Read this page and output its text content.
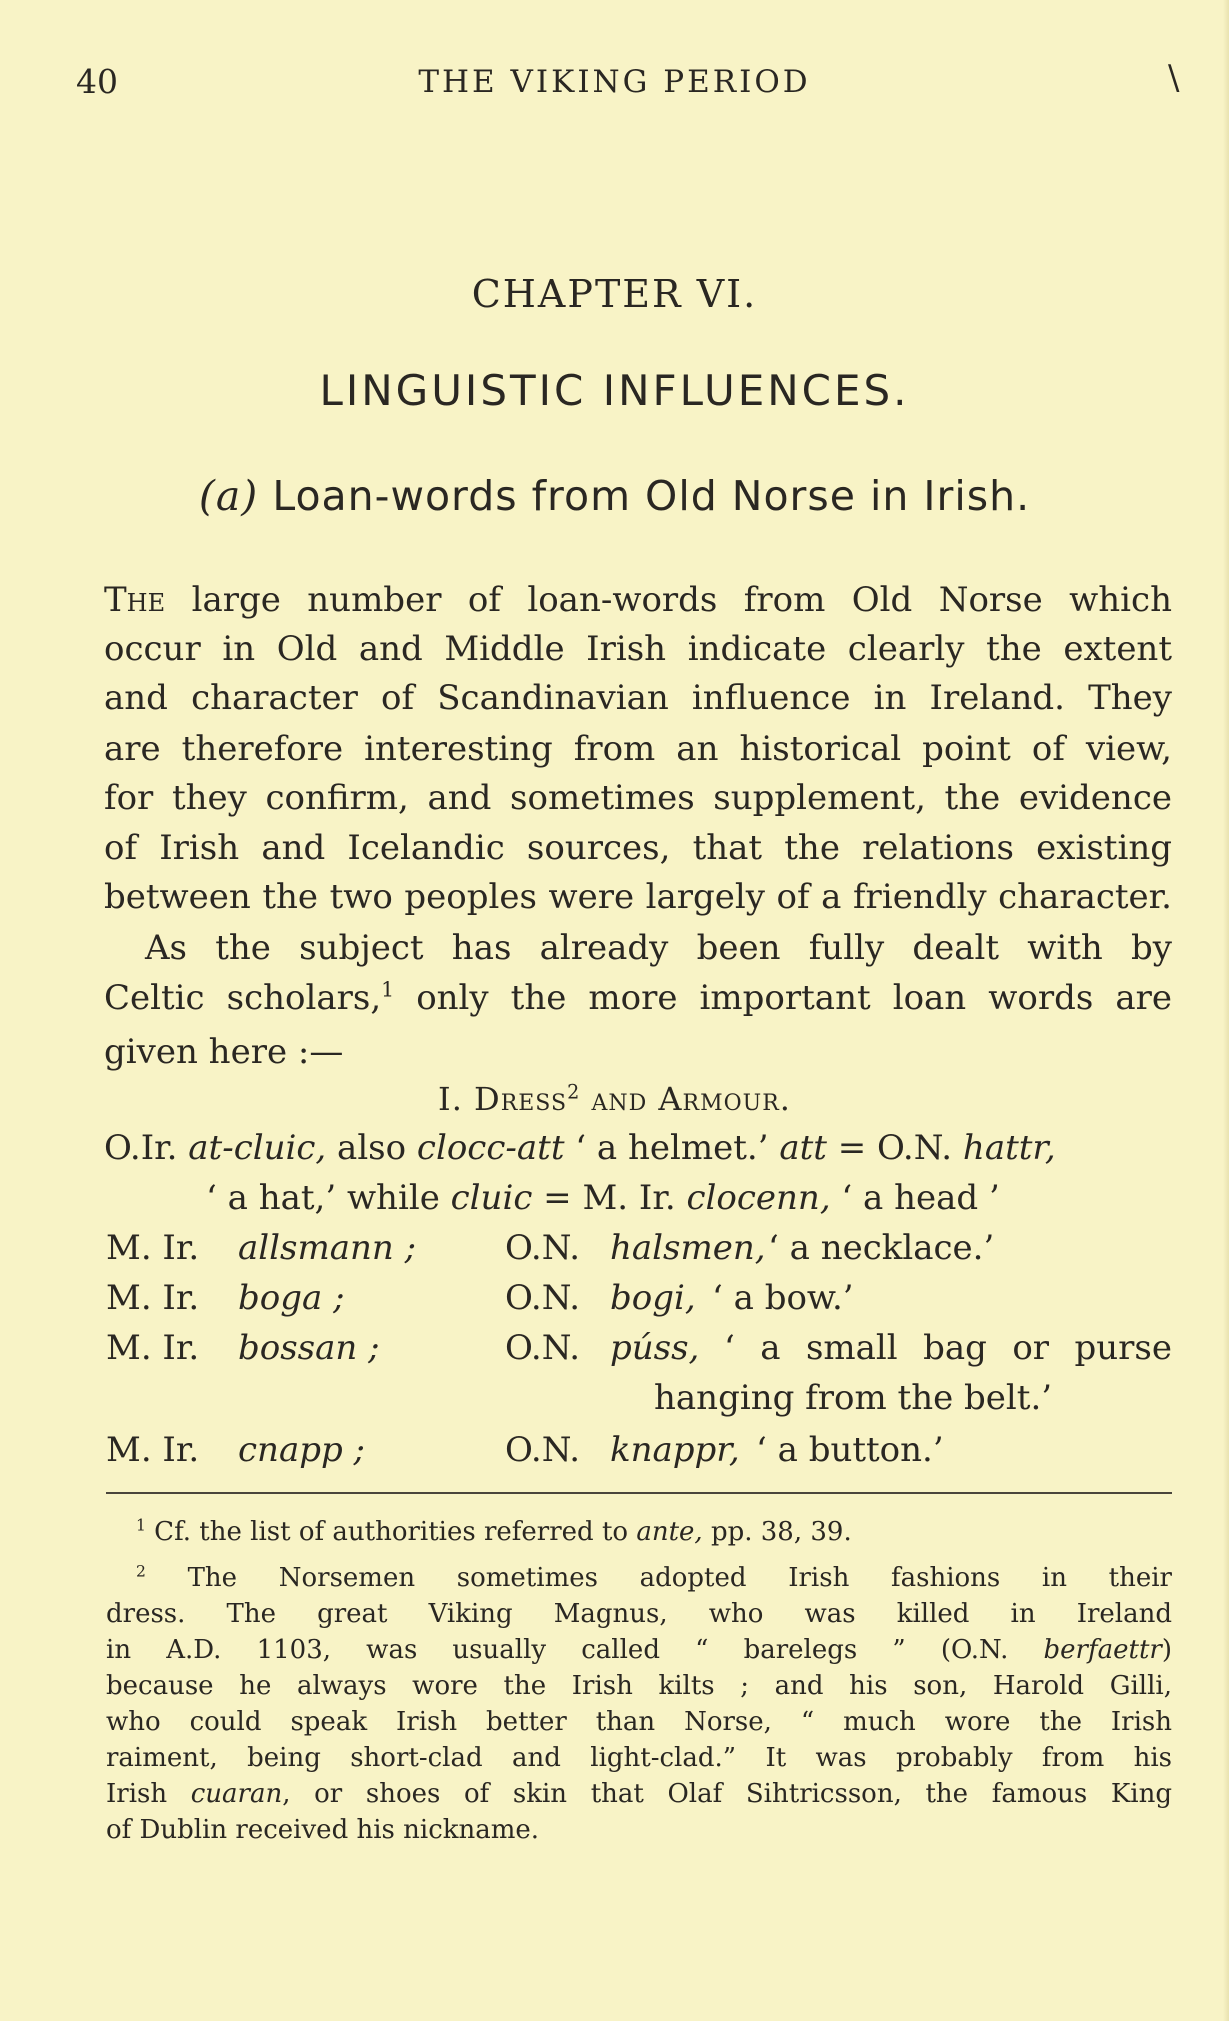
40	THE VIKING PERIOD	\
CHAPTER VI.
LINGUISTIC INFLUENCES.
(a) Loan-words from Old Norse in Irish.
The large number of loan-words from Old Norse which
occur in Old and Middle Irish indicate clearly the extent
and character of Scandinavian influence in Ireland. They
are therefore interesting from an historical point of view,
for they confirm, and sometimes supplement, the evidence
of Irish and Icelandic sources, that the relations existing
between the two peoples were largely of a friendly character.
As the subject has already been fully dealt with by
Celtic scholars,$^1$ only the more important loan words are
given here :—
I. Dress$^2$ and Armour.
O.Ir. at-cluic, also clocc-att ‘ a helmet.’ att = O.N. hattr,
‘ a hat,’ while cluic = M. Ir. clocenn, ‘ a head ’
M. Ir. allsmann ;	O.N. halsmen, ‘ a necklace.’
M. Ir. boga ;	O.N. bogi, ‘ a bow.’
M. Ir. bossan ;	O.N. púss, ‘ a small bag or purse
hanging from the belt.’
M. Ir. cnapp ;	O.N. knappr, ‘ a button.’
$^1$ Cf. the list of authorities referred to ante, pp. 38, 39.
$^2$ The Norsemen sometimes adopted Irish fashions in their
dress. The great Viking Magnus, who was killed in Ireland
in A.D. 1103, was usually called “ barelegs ” (O.N. berfaettr)
because he always wore the Irish kilts ; and his son, Harold Gilli,
who could speak Irish better than Norse, “ much wore the Irish
raiment, being short-clad and light-clad.” It was probably from his
Irish cuaran, or shoes of skin that Olaf Sihtricsson, the famous King
of Dublin received his nickname.
